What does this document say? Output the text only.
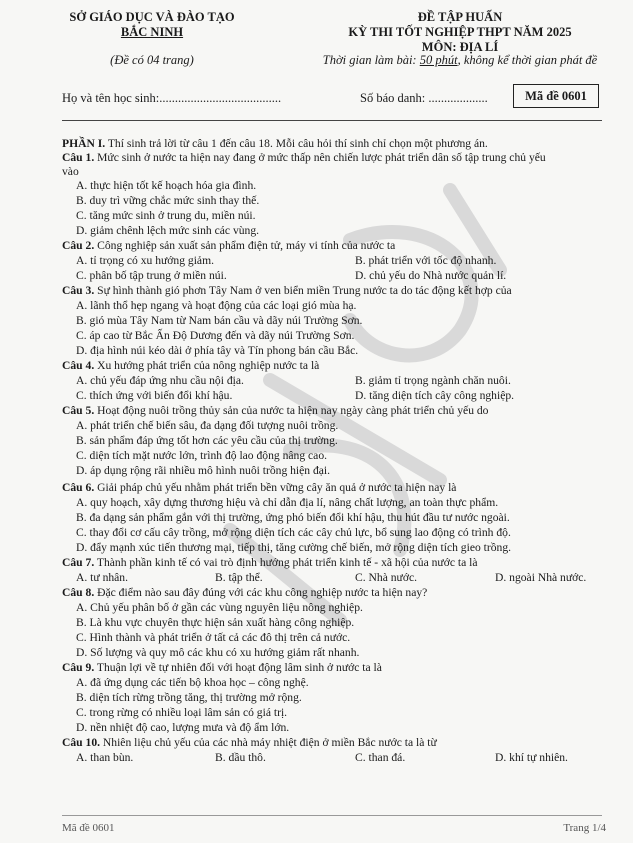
SỞ GIÁO DỤC VÀ ĐÀO TẠO
BẮC NINH
(Đề có 04 trang)
ĐỀ TẬP HUẤN
KỲ THI TỐT NGHIỆP THPT NĂM 2025
MÔN: ĐỊA LÍ
Thời gian làm bài: 50 phút, không kể thời gian phát đề
Họ và tên học sinh:.......................................	Số báo danh: ...................	Mã đề 0601
PHẦN I. Thí sinh trả lời từ câu 1 đến câu 18. Mỗi câu hỏi thí sinh chỉ chọn một phương án.
Câu 1. Mức sinh ở nước ta hiện nay đang ở mức thấp nên chiến lược phát triển dân số tập trung chủ yếu
vào
A. thực hiện tốt kế hoạch hóa gia đình.
B. duy trì vững chắc mức sinh thay thế.
C. tăng mức sinh ở trung du, miền núi.
D. giảm chênh lệch mức sinh các vùng.
Câu 2. Công nghiệp sản xuất sản phẩm điện tử, máy vi tính của nước ta
A. tỉ trọng có xu hướng giảm.	B. phát triển với tốc độ nhanh.
C. phân bố tập trung ở miền núi.	D. chủ yếu do Nhà nước quản lí.
Câu 3. Sự hình thành gió phơn Tây Nam ở ven biển miền Trung nước ta do tác động kết hợp của
A. lãnh thổ hẹp ngang và hoạt động của các loại gió mùa hạ.
B. gió mùa Tây Nam từ Nam bán cầu và dãy núi Trường Sơn.
C. áp cao từ Bắc Ấn Độ Dương đến và dãy núi Trường Sơn.
D. địa hình núi kéo dài ở phía tây và Tín phong bán cầu Bắc.
Câu 4. Xu hướng phát triển của nông nghiệp nước ta là
A. chủ yếu đáp ứng nhu cầu nội địa.	B. giảm tỉ trọng ngành chăn nuôi.
C. thích ứng với biến đổi khí hậu.	D. tăng diện tích cây công nghiệp.
Câu 5. Hoạt động nuôi trồng thủy sản của nước ta hiện nay ngày càng phát triển chủ yếu do
A. phát triển chế biến sâu, đa dạng đối tượng nuôi trồng.
B. sản phẩm đáp ứng tốt hơn các yêu cầu của thị trường.
C. diện tích mặt nước lớn, trình độ lao động nâng cao.
D. áp dụng rộng rãi nhiều mô hình nuôi trồng hiện đại.
Câu 6. Giải pháp chủ yếu nhằm phát triển bền vững cây ăn quả ở nước ta hiện nay là
A. quy hoạch, xây dựng thương hiệu và chỉ dẫn địa lí, nâng chất lượng, an toàn thực phẩm.
B. đa dạng sản phẩm gắn với thị trường, ứng phó biến đổi khí hậu, thu hút đầu tư nước ngoài.
C. thay đổi cơ cấu cây trồng, mở rộng diện tích các cây chủ lực, bổ sung lao động có trình độ.
D. đẩy mạnh xúc tiến thương mại, tiếp thị, tăng cường chế biến, mở rộng diện tích gieo trồng.
Câu 7. Thành phần kinh tế có vai trò định hướng phát triển kinh tế - xã hội của nước ta là
A. tư nhân.	B. tập thể.	C. Nhà nước.	D. ngoài Nhà nước.
Câu 8. Đặc điểm nào sau đây đúng với các khu công nghiệp nước ta hiện nay?
A. Chủ yếu phân bố ở gần các vùng nguyên liệu nông nghiệp.
B. Là khu vực chuyên thực hiện sản xuất hàng công nghiệp.
C. Hình thành và phát triển ở tất cả các đô thị trên cả nước.
D. Số lượng và quy mô các khu có xu hướng giảm rất nhanh.
Câu 9. Thuận lợi về tự nhiên đối với hoạt động lâm sinh ở nước ta là
A. đã ứng dụng các tiến bộ khoa học – công nghệ.
B. diện tích rừng trồng tăng, thị trường mở rộng.
C. trong rừng có nhiều loại lâm sản có giá trị.
D. nền nhiệt độ cao, lượng mưa và độ ẩm lớn.
Câu 10. Nhiên liệu chủ yếu của các nhà máy nhiệt điện ở miền Bắc nước ta là từ
A. than bùn.	B. dầu thô.	C. than đá.	D. khí tự nhiên.
Mã đề 0601	Trang 1/4
